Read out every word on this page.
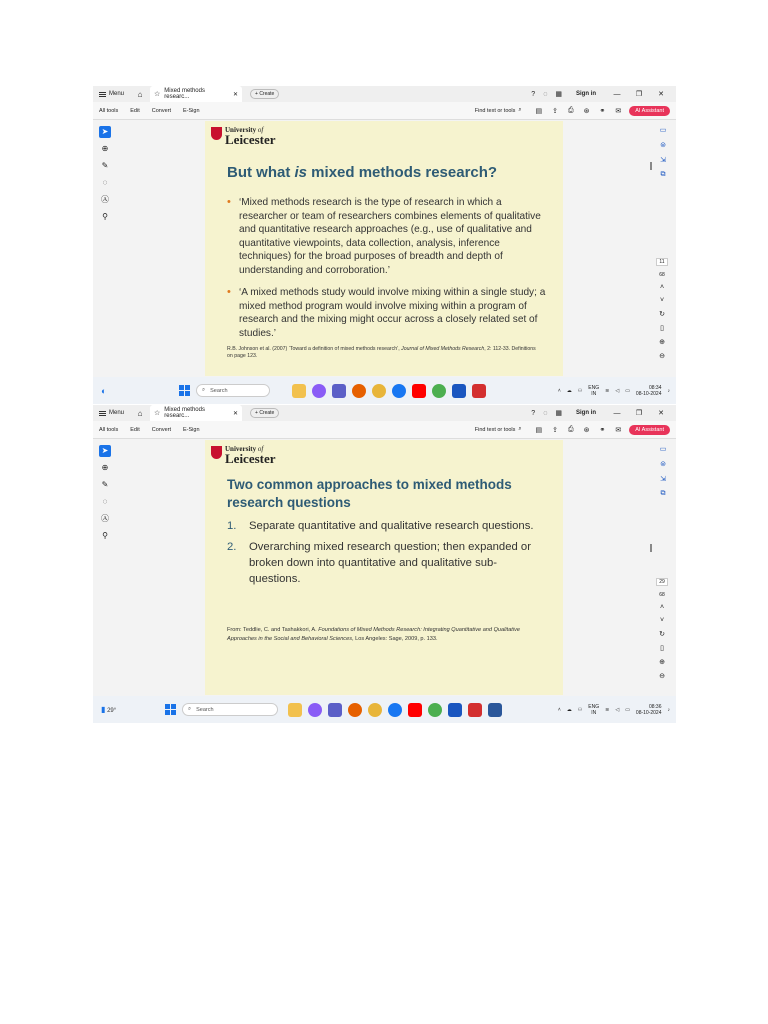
Menu	⌂	☆ Mixed methods researc...	✕	+ Create	? ◌ ▦ Sign in	—	❐	✕
All tools Edit Convert E-Sign	Find text or tools ⌕ ▤ ⇪ ⎙ ⊛ ⚭ ✉	AI Assistant
➤
⊕
✎
◌
Ⓐ
⚲
▭
⊜
⇲
⧉
11
68
˄
˅
↻
▯
⊕
⊖
University of
Leicester
But what is mixed methods research?
• ‘Mixed methods research is the type of research in which a researcher or team of researchers combines elements of qualitative and quantitative research approaches (e.g., use of qualitative and quantitative viewpoints, data collection, analysis, inference techniques) for the broad purposes of breadth and depth of understanding and corroboration.’
• ‘A mixed methods study would involve mixing within a single study; a mixed method program would involve mixing within a program of research and the mixing might occur across a closely related set of studies.’
R.B. Johnson et al. (2007) ‘Toward a definition of mixed methods research’, Journal of Mixed Methods Research, 2: 112-33. Definitions on page 123.
◐	⌕ Search	˄ ☁ ⚇ ENG
IN	≋ ◁ ▭	08:34
08-10-2024 ♪
Menu	⌂	☆ Mixed methods researc...	✕	+ Create	? ◌ ▦ Sign in	—	❐	✕
All tools Edit Convert E-Sign	Find text or tools ⌕ ▤ ⇪ ⎙ ⊛ ⚭ ✉	AI Assistant
➤
⊕
✎
◌
Ⓐ
⚲
▭
⊜
⇲
⧉
29
68
˄
˅
↻
▯
⊕
⊖
University of
Leicester
Two common approaches to mixed methods research questions
1. Separate quantitative and qualitative research questions.
2. Overarching mixed research question; then expanded or broken down into quantitative and qualitative sub-questions.
From: Teddlie, C. and Tashakkori, A. Foundations of Mixed Methods Research: Integrating Quantitative and Qualitative Approaches in the Social and Behavioral Sciences, Los Angeles: Sage, 2009, p. 133.
▮ 29°	⌕ Search	˄ ☁ ⚇ ENG
IN	≋ ◁ ▭	08:36
08-10-2024 ♪
